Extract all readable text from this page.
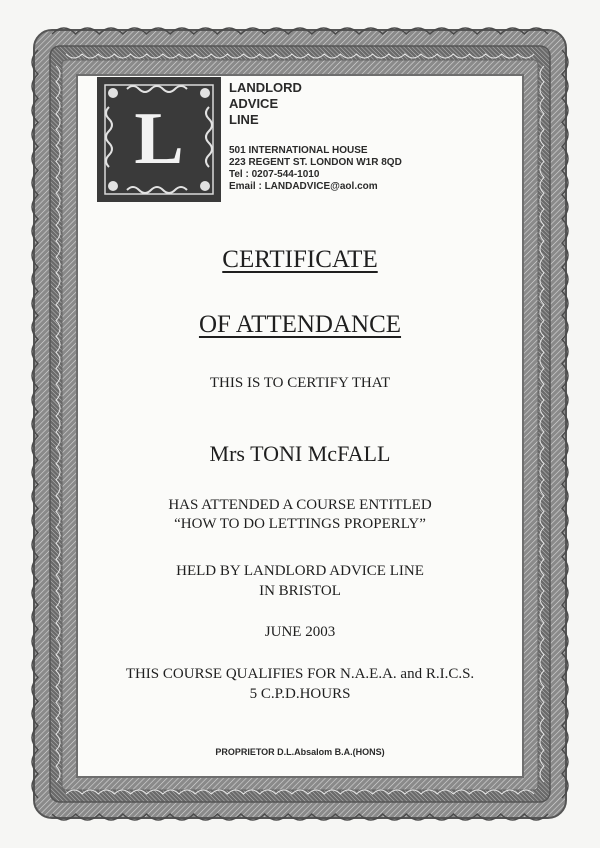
L
LANDLORD
ADVICE
LINE
501 INTERNATIONAL HOUSE
223 REGENT ST. LONDON W1R 8QD
Tel : 0207-544-1010
Email : LANDADVICE@aol.com
CERTIFICATE
OF ATTENDANCE
THIS IS TO CERTIFY THAT
Mrs TONI McFALL
HAS ATTENDED A COURSE ENTITLED
“HOW TO DO LETTINGS PROPERLY”
HELD BY LANDLORD ADVICE LINE
IN BRISTOL
JUNE 2003
THIS COURSE QUALIFIES FOR N.A.E.A. and R.I.C.S.
5 C.P.D.HOURS
PROPRIETOR D.L.Absalom B.A.(HONS)
